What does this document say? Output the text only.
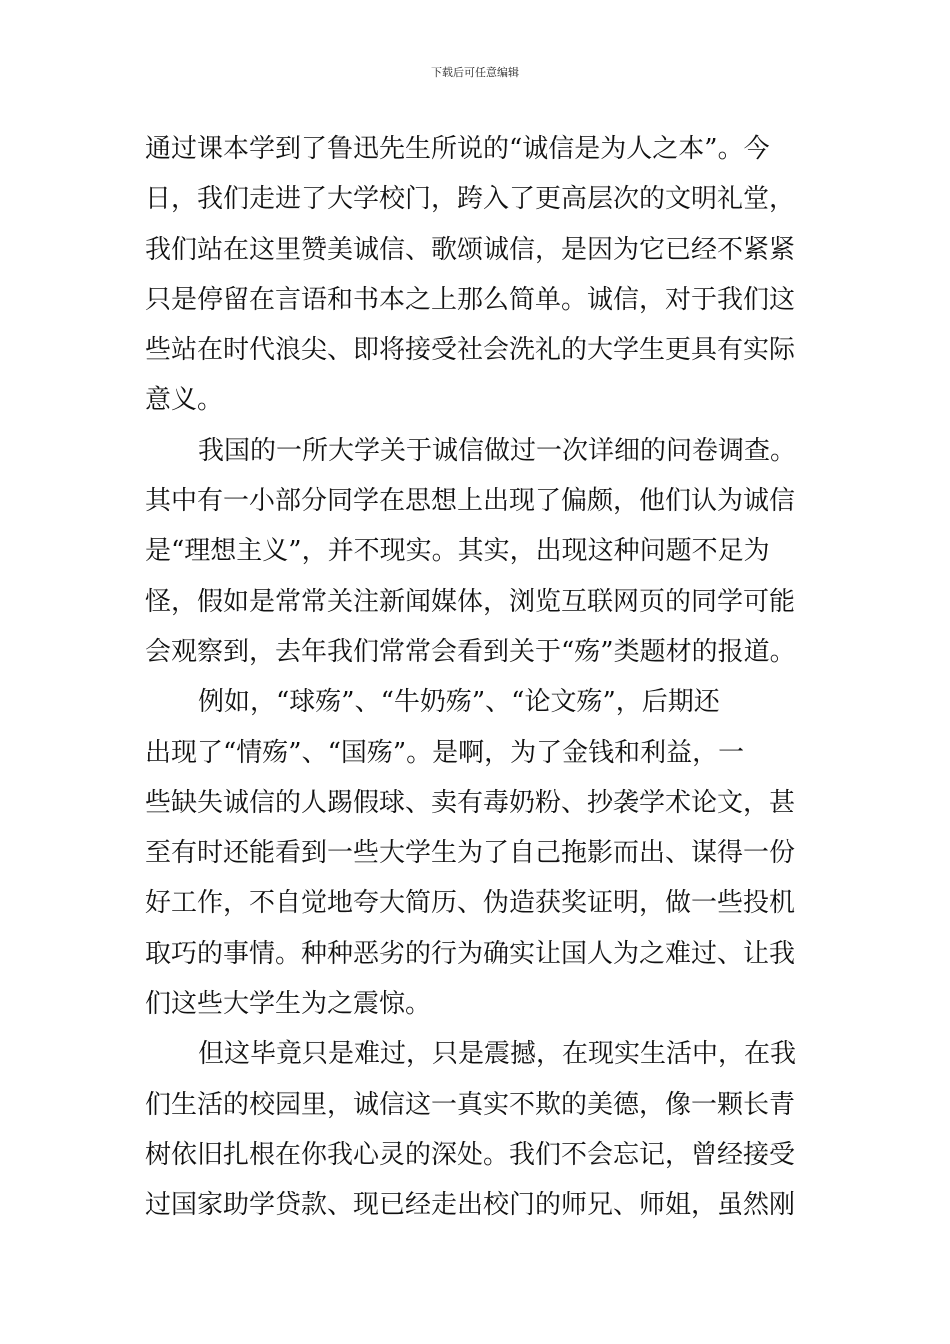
下载后可任意编辑
通过课本学到了鲁迅先生所说的“诚信是为人之本”。今
日，我们走进了大学校门，跨入了更高层次的文明礼堂，
我们站在这里赞美诚信、歌颂诚信，是因为它已经不紧紧
只是停留在言语和书本之上那么简单。诚信，对于我们这
些站在时代浪尖、即将接受社会洗礼的大学生更具有实际
意义。
我国的一所大学关于诚信做过一次详细的问卷调查。
其中有一小部分同学在思想上出现了偏颇，他们认为诚信
是“理想主义”，并不现实。其实，出现这种问题不足为
怪，假如是常常关注新闻媒体，浏览互联网页的同学可能
会观察到，去年我们常常会看到关于“殇”类题材的报道。
例如，“球殇”、“牛奶殇”、“论文殇”，后期还
出现了“情殇”、“国殇”。是啊，为了金钱和利益，一
些缺失诚信的人踢假球、卖有毒奶粉、抄袭学术论文，甚
至有时还能看到一些大学生为了自己拖影而出、谋得一份
好工作，不自觉地夸大简历、伪造获奖证明，做一些投机
取巧的事情。种种恶劣的行为确实让国人为之难过、让我
们这些大学生为之震惊。
但这毕竟只是难过，只是震撼，在现实生活中，在我
们生活的校园里，诚信这一真实不欺的美德，像一颗长青
树依旧扎根在你我心灵的深处。我们不会忘记，曾经接受
过国家助学贷款、现已经走出校门的师兄、师姐，虽然刚
